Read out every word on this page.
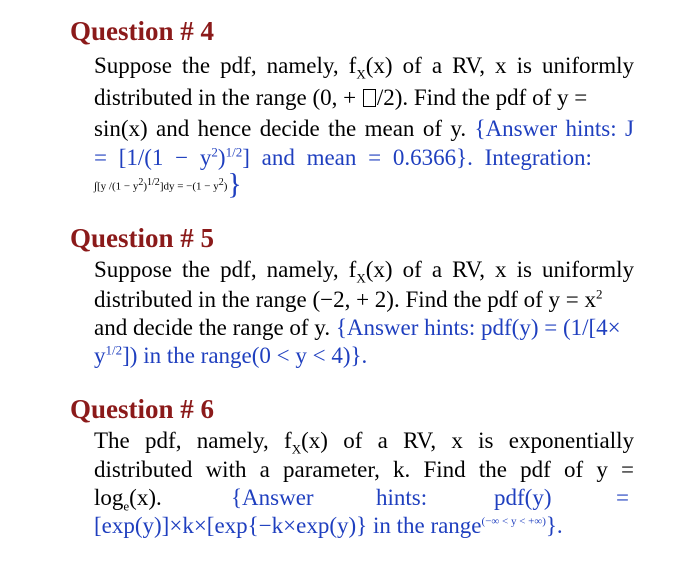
Question # 4
Suppose the pdf, namely, $f_X(x)$ of a RV, x is uniformly
distributed in the range (0, + /2). Find the pdf of y =
sin(x) and hence decide the mean of y. {Answer hints: J
= $[1/(1 - y^2)^{1/2}]$ and mean = 0.6366}. Integration:
∫[y $/(1 - y^2)^{1/2}]dy = -(1 - y^2)$}
Question # 5
Suppose the pdf, namely, $f_X(x)$ of a RV, x is uniformly
distributed in the range (−2, + 2). Find the pdf of $y = x^2$
and decide the range of y. {Answer hints: pdf(y) = (1/[4×
$y^{1/2}$]) in the range(0 < y < 4)}.
Question # 6
The pdf, namely, $f_X(x)$ of a RV, x is exponentially
distributed with a parameter, k. Find the pdf of y =
$\log_e(x)$.	{Answer	hints:	pdf(y)	=
[exp(y)]×k×[exp{−k×exp(y)} in the range$^{(-\infty < y < +\infty)}$}.
